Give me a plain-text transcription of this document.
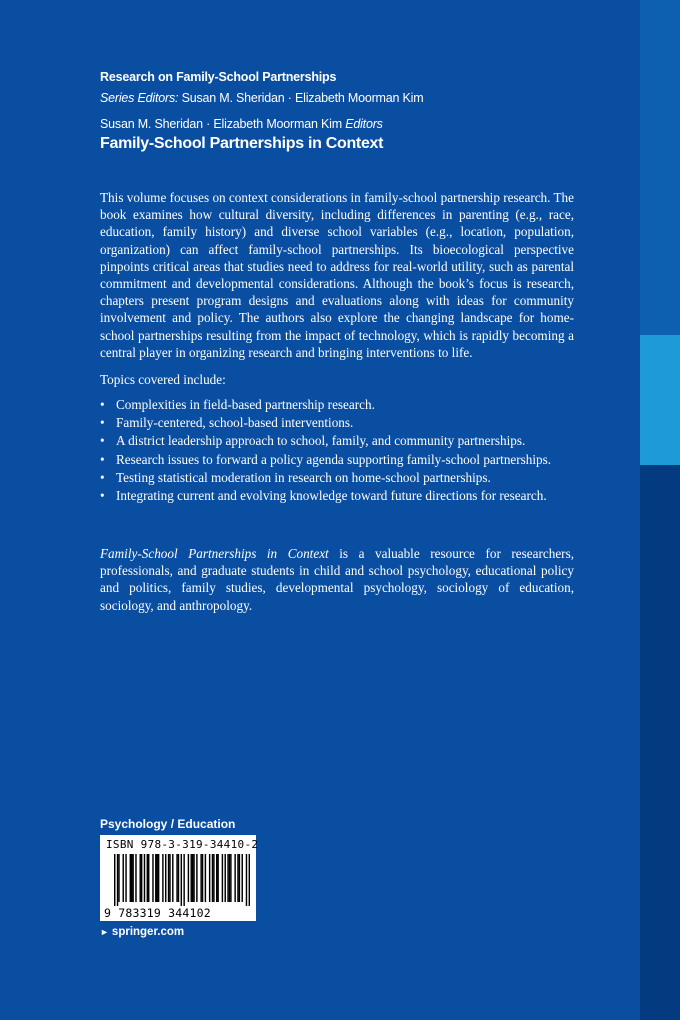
Research on Family-School Partnerships
Series Editors: Susan M. Sheridan · Elizabeth Moorman Kim
Susan M. Sheridan · Elizabeth Moorman Kim Editors
Family-School Partnerships in Context

This volume focuses on context considerations in family-school partnership research. The book examines how cultural diversity, including differences in parenting (e.g., race, education, family history) and diverse school variables (e.g., location, population, organization) can affect family-school partnerships. Its bioecological perspective pinpoints critical areas that studies need to address for real-world utility, such as parental commitment and developmental considerations. Although the book’s focus is research, chapters present program designs and evaluations along with ideas for community involvement and policy. The authors also explore the changing landscape for home-school partnerships resulting from the impact of technology, which is rapidly becoming a central player in organizing research and bringing interventions to life.

Topics covered include:

• Complexities in field-based partnership research.
• Family-centered, school-based interventions.
• A district leadership approach to school, family, and community partnerships.
• Research issues to forward a policy agenda supporting family-school partnerships.
• Testing statistical moderation in research on home-school partnerships.
• Integrating current and evolving knowledge toward future directions for research.

Family-School Partnerships in Context is a valuable resource for researchers, professionals, and graduate students in child and school psychology, educational policy and politics, family studies, developmental psychology, sociology of education, sociology, and anthropology.

Psychology / Education
ISBN 978-3-319-34410-2
9 783319 344102
► springer.com
